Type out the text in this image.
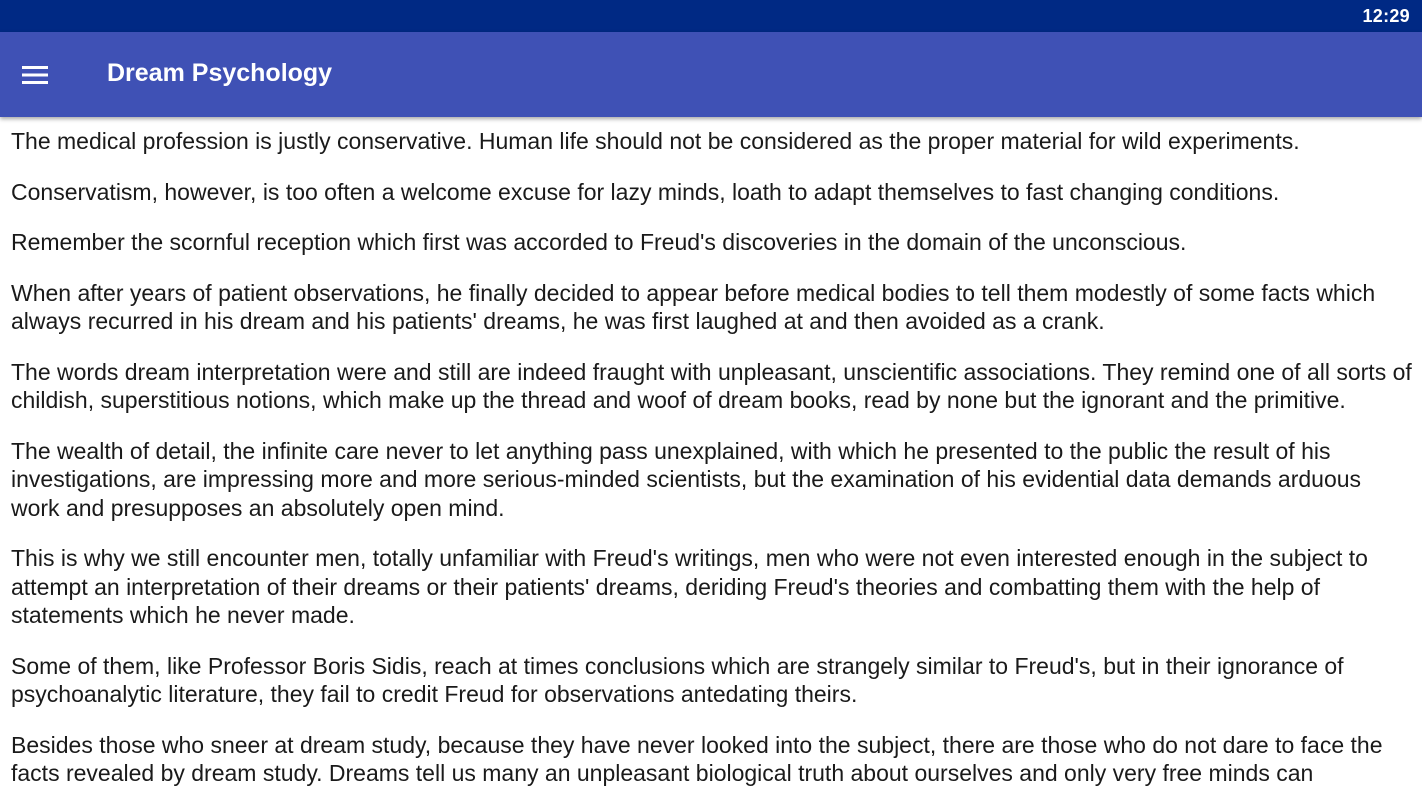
12:29
Dream Psychology

The medical profession is justly conservative. Human life should not be considered as the proper material for wild experiments.

Conservatism, however, is too often a welcome excuse for lazy minds, loath to adapt themselves to fast changing conditions.

Remember the scornful reception which first was accorded to Freud's discoveries in the domain of the unconscious.

When after years of patient observations, he finally decided to appear before medical bodies to tell them modestly of some facts which always recurred in his dream and his patients' dreams, he was first laughed at and then avoided as a crank.

The words dream interpretation were and still are indeed fraught with unpleasant, unscientific associations. They remind one of all sorts of childish, superstitious notions, which make up the thread and woof of dream books, read by none but the ignorant and the primitive.

The wealth of detail, the infinite care never to let anything pass unexplained, with which he presented to the public the result of his investigations, are impressing more and more serious-minded scientists, but the examination of his evidential data demands arduous work and presupposes an absolutely open mind.

This is why we still encounter men, totally unfamiliar with Freud's writings, men who were not even interested enough in the subject to attempt an interpretation of their dreams or their patients' dreams, deriding Freud's theories and combatting them with the help of statements which he never made.

Some of them, like Professor Boris Sidis, reach at times conclusions which are strangely similar to Freud's, but in their ignorance of psychoanalytic literature, they fail to credit Freud for observations antedating theirs.

Besides those who sneer at dream study, because they have never looked into the subject, there are those who do not dare to face the facts revealed by dream study. Dreams tell us many an unpleasant biological truth about ourselves and only very free minds can
